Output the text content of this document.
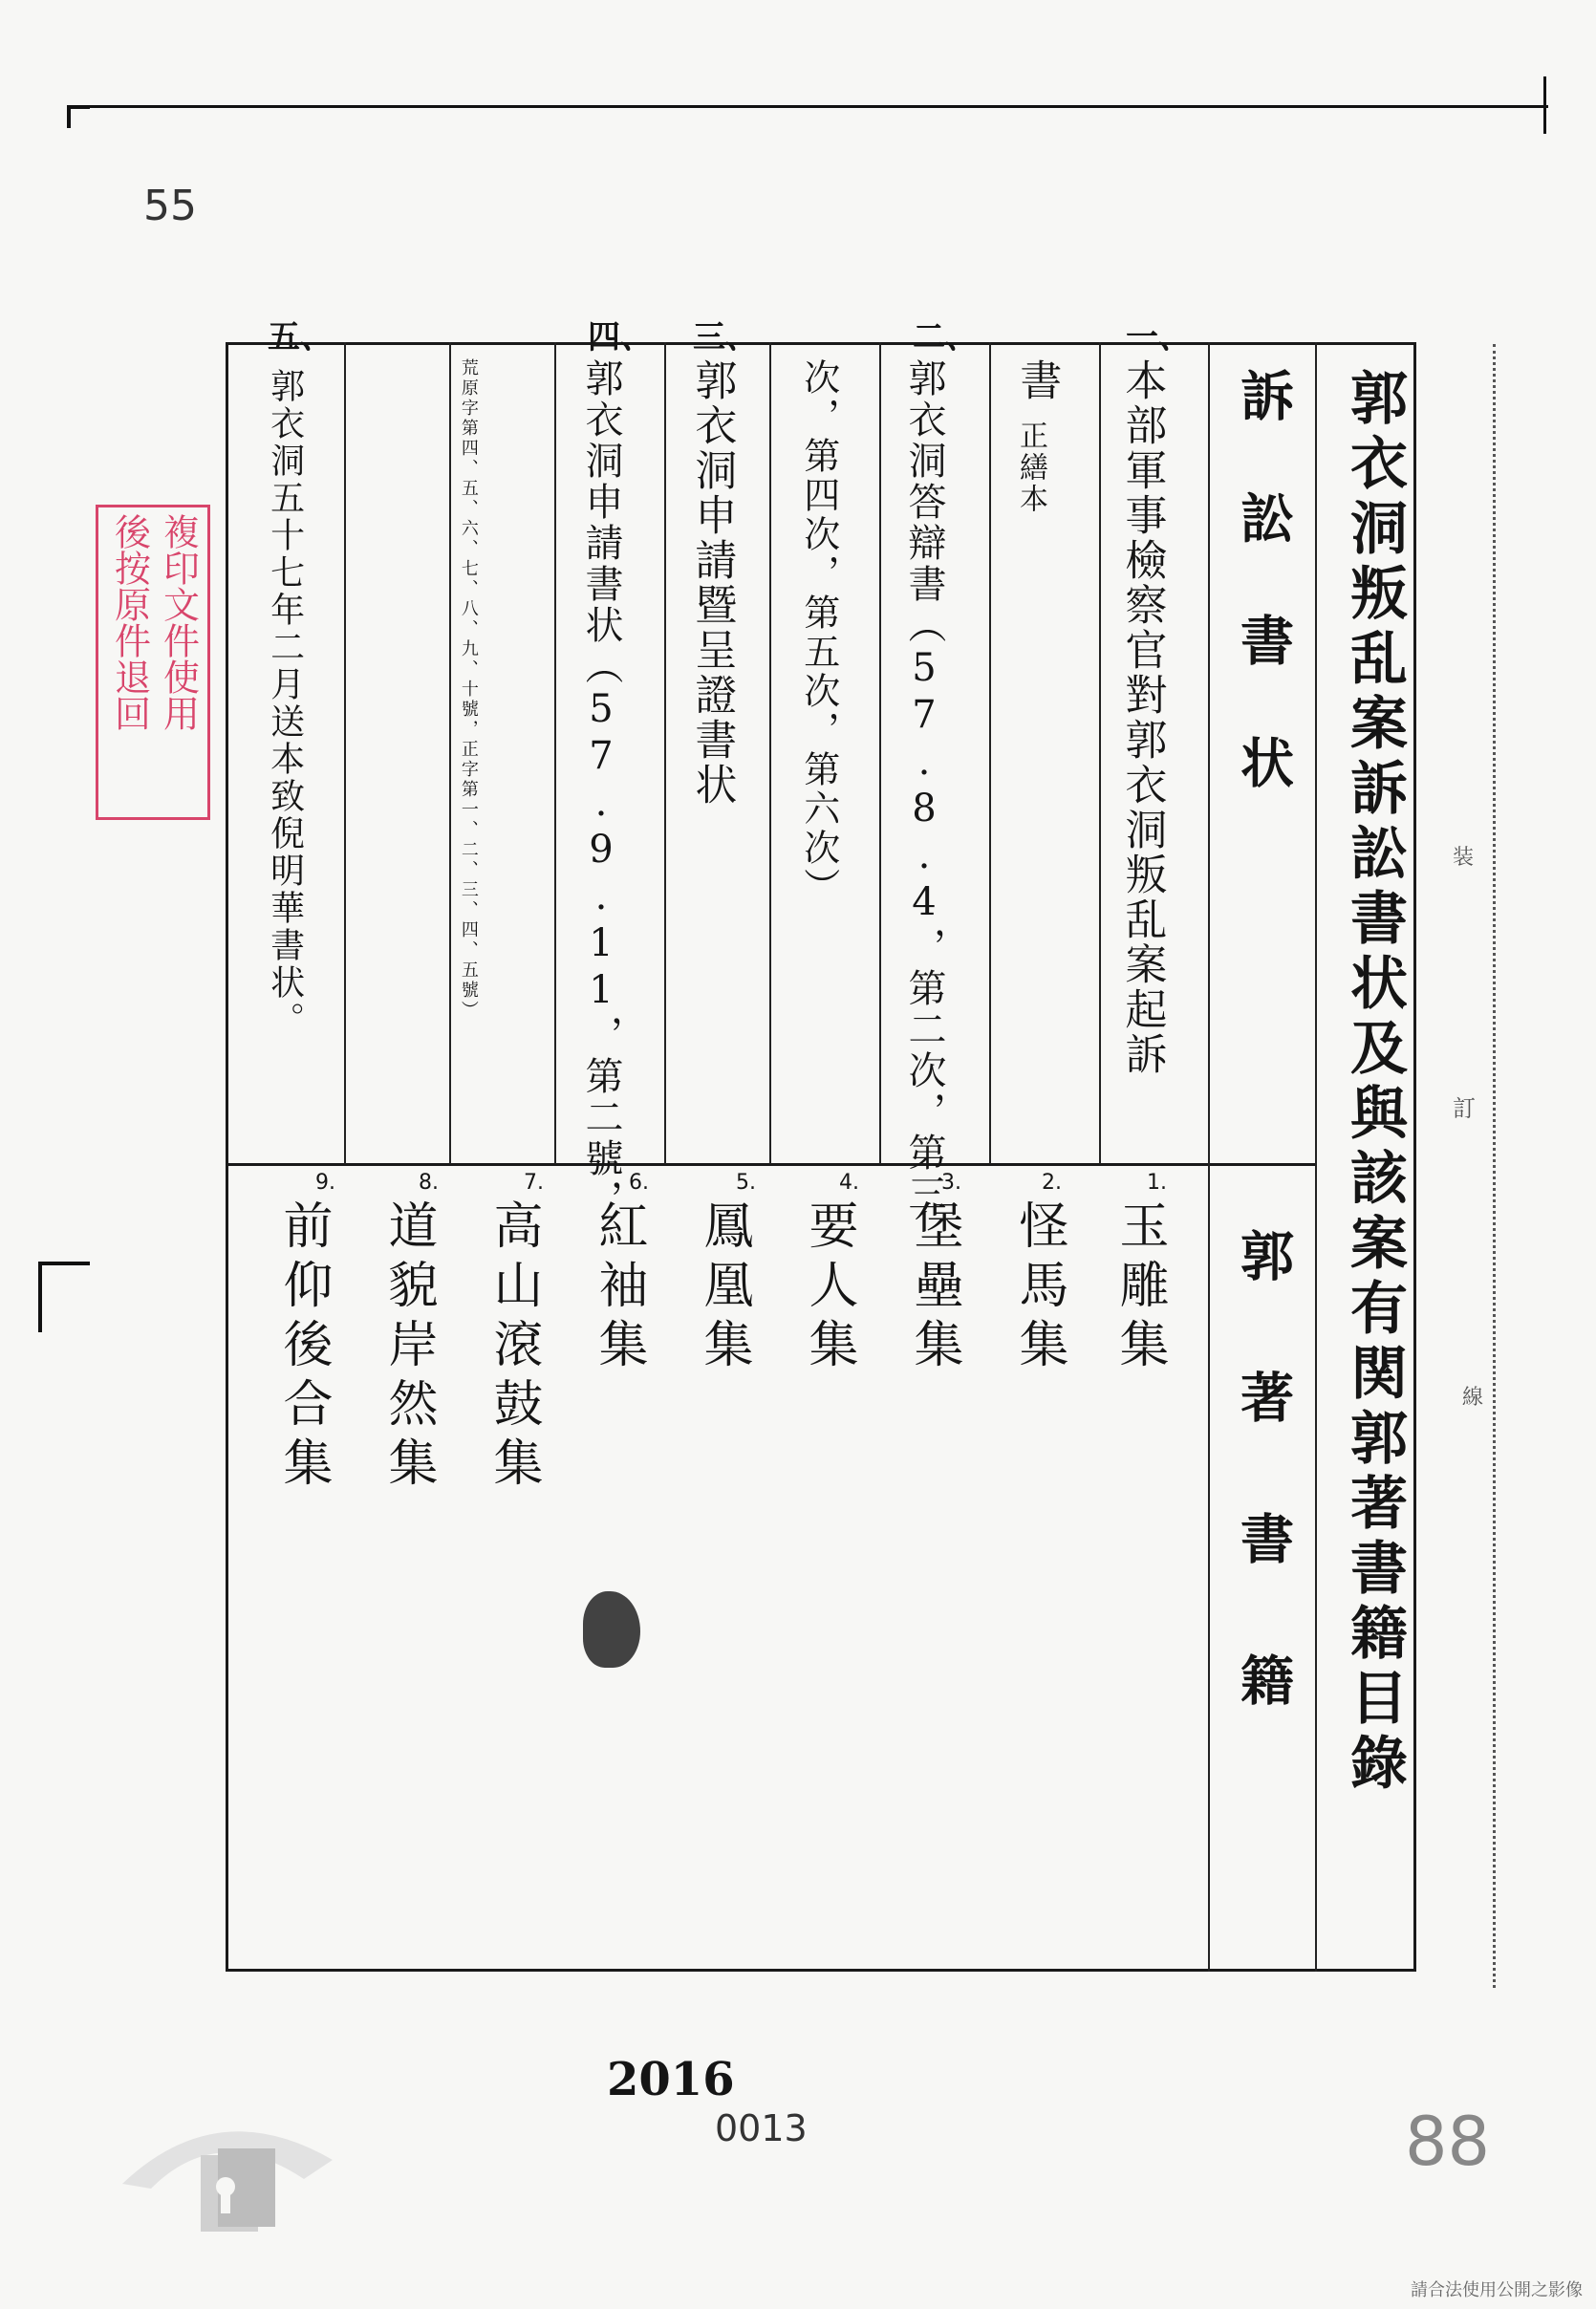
55
郭衣洞叛乱案訴訟書状及與該案有関郭著書籍目錄
訴訟書状
郭著書籍
一、
本部軍事檢察官對郭衣洞叛乱案起訴
書
正繕本
二、
郭衣洞答辯書（57.8.4，第二次，第三
次，第四次，第五次，第六次）
三、
郭衣洞申請暨呈證書状
四、
郭衣洞申請書状（57.9.11，第二號，
荒原字第四、五、六、七、八、九、十號，正字第一、二、三、四、五號）
五、
郭衣洞五十七年二月送本致倪明華書状。
1.
玉雕集
2.
怪馬集
3.
堡壘集
4.
要人集
5.
鳳凰集
6.
紅袖集
7.
高山滾鼓集
8.
道貌岸然集
9.
前仰後合集
複印文件使用
後按原件退回
装
訂
線
2016
0013	88
請合法使用公開之影像
